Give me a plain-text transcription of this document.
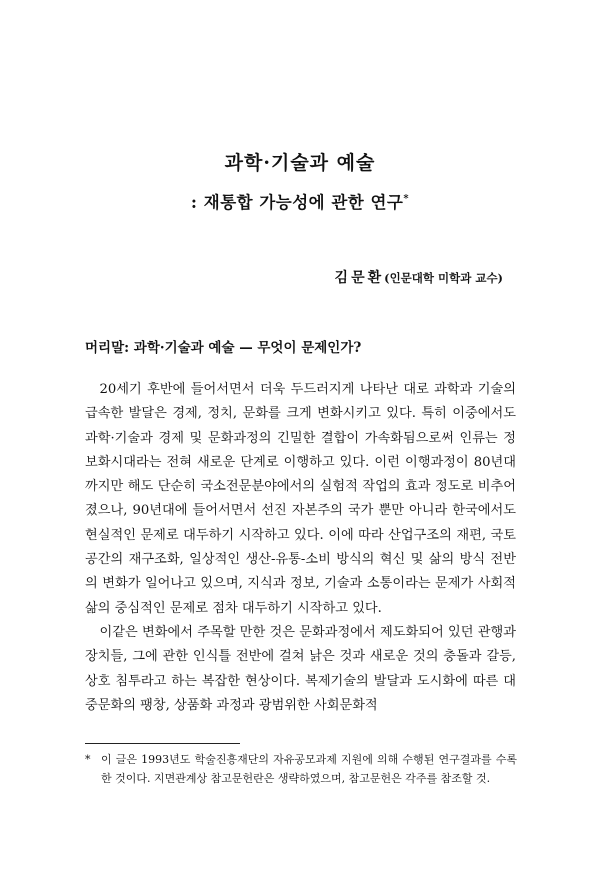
과학·기술과 예술
: 재통합 가능성에 관한 연구*
김문환(인문대학 미학과 교수)
머리말: 과학·기술과 예술 — 무엇이 문제인가?

20세기 후반에 들어서면서 더욱 두드러지게 나타난 대로 과학과 기술의 급속한 발달은 경제, 정치, 문화를 크게 변화시키고 있다. 특히 이중에서도 과학·기술과 경제 및 문화과정의 긴밀한 결합이 가속화됨으로써 인류는 정보화시대라는 전혀 새로운 단계로 이행하고 있다. 이런 이행과정이 80년대까지만 해도 단순히 국소전문분야에서의 실험적 작업의 효과 정도로 비추어졌으나, 90년대에 들어서면서 선진 자본주의 국가 뿐만 아니라 한국에서도 현실적인 문제로 대두하기 시작하고 있다. 이에 따라 산업구조의 재편, 국토공간의 재구조화, 일상적인 생산-유통-소비 방식의 혁신 및 삶의 방식 전반의 변화가 일어나고 있으며, 지식과 정보, 기술과 소통이라는 문제가 사회적 삶의 중심적인 문제로 점차 대두하기 시작하고 있다.

이같은 변화에서 주목할 만한 것은 문화과정에서 제도화되어 있던 관행과 장치들, 그에 관한 인식틀 전반에 걸쳐 낡은 것과 새로운 것의 충돌과 갈등, 상호 침투라고 하는 복잡한 현상이다. 복제기술의 발달과 도시화에 따른 대중문화의 팽창, 상품화 과정과 광범위한 사회문화적

* 이 글은 1993년도 학술진흥재단의 자유공모과제 지원에 의해 수행된 연구결과를 수록한 것이다. 지면관계상 참고문헌란은 생략하였으며, 참고문헌은 각주를 참조할 것.
